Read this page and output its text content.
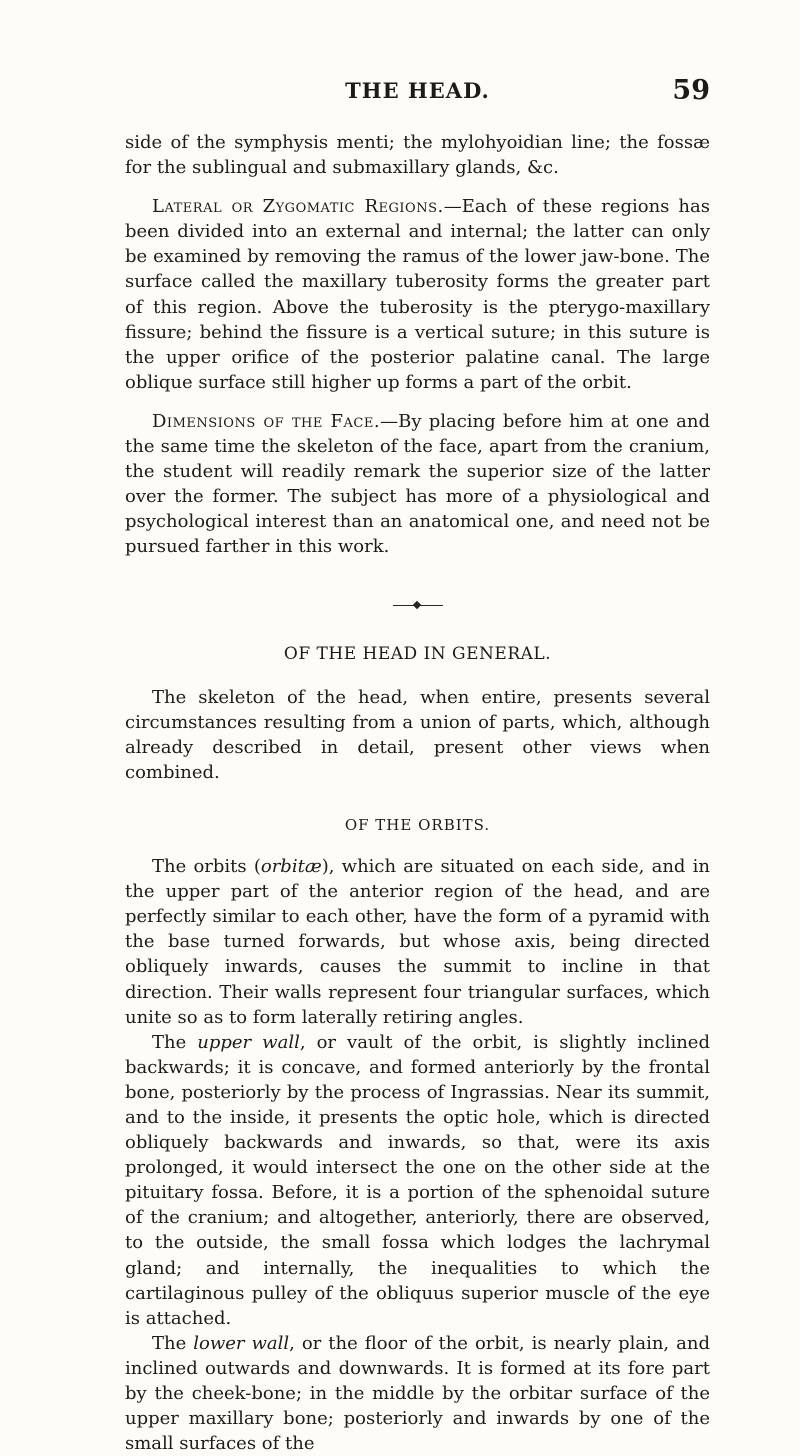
THE HEAD.	59

side of the symphysis menti; the mylohyoidian line; the fossæ for the sublingual and submaxillary glands, &c.

Lateral or Zygomatic Regions.—Each of these regions has been divided into an external and internal; the latter can only be examined by removing the ramus of the lower jaw-bone. The surface called the maxillary tuberosity forms the greater part of this region. Above the tuberosity is the pterygo-maxillary fissure; behind the fissure is a vertical suture; in this suture is the upper orifice of the posterior palatine canal. The large oblique surface still higher up forms a part of the orbit.

Dimensions of the Face.—By placing before him at one and the same time the skeleton of the face, apart from the cranium, the student will readily remark the superior size of the latter over the former. The subject has more of a physiological and psychological interest than an anatomical one, and need not be pursued farther in this work.

OF THE HEAD IN GENERAL.

The skeleton of the head, when entire, presents several circumstances resulting from a union of parts, which, although already described in detail, present other views when combined.

OF THE ORBITS.

The orbits (orbitæ), which are situated on each side, and in the upper part of the anterior region of the head, and are perfectly similar to each other, have the form of a pyramid with the base turned forwards, but whose axis, being directed obliquely inwards, causes the summit to incline in that direction. Their walls represent four triangular surfaces, which unite so as to form laterally retiring angles.

The upper wall, or vault of the orbit, is slightly inclined backwards; it is concave, and formed anteriorly by the frontal bone, posteriorly by the process of Ingrassias. Near its summit, and to the inside, it presents the optic hole, which is directed obliquely backwards and inwards, so that, were its axis prolonged, it would intersect the one on the other side at the pituitary fossa. Before, it is a portion of the sphenoidal suture of the cranium; and altogether, anteriorly, there are observed, to the outside, the small fossa which lodges the lachrymal gland; and internally, the inequalities to which the cartilaginous pulley of the obliquus superior muscle of the eye is attached.

The lower wall, or the floor of the orbit, is nearly plain, and inclined outwards and downwards. It is formed at its fore part by the cheek-bone; in the middle by the orbitar surface of the upper maxillary bone; posteriorly and inwards by one of the small surfaces of the
